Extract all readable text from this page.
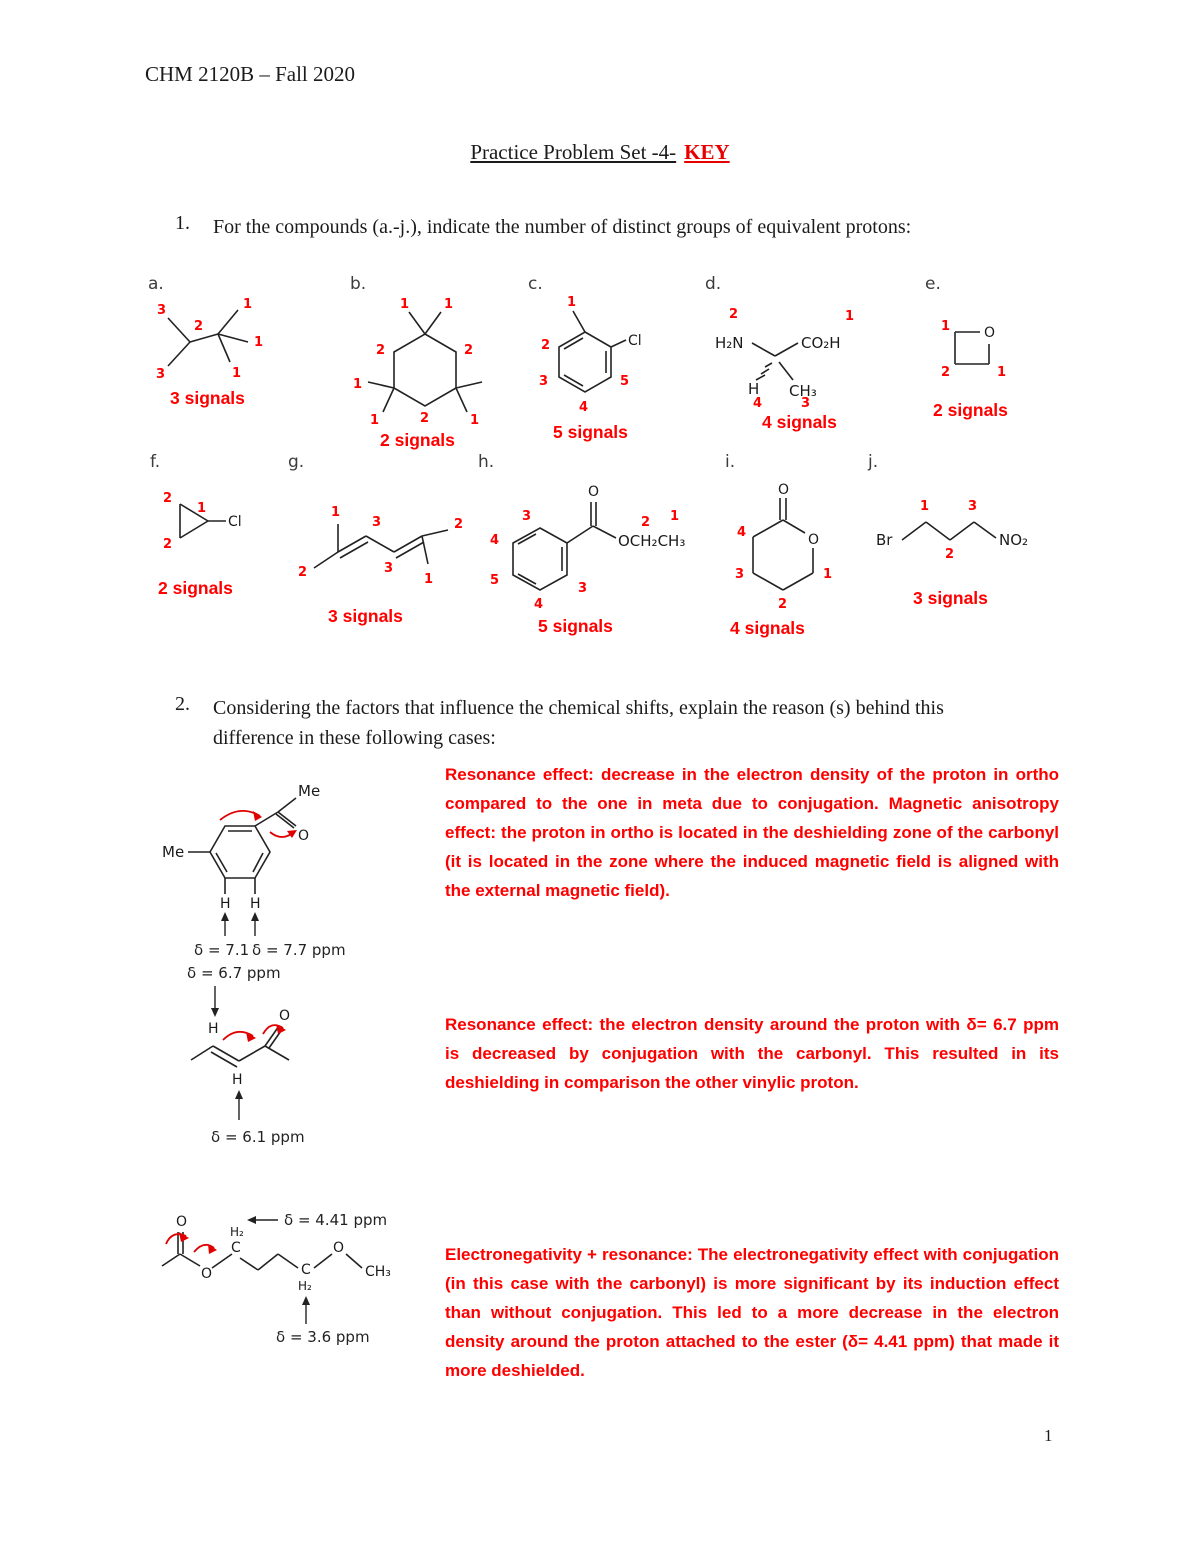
CHM 2120B – Fall 2020
Practice Problem Set -4- KEY
1. For the compounds (a.-j.), indicate the number of distinct groups of equivalent protons:
a.
3
2
1
3
1
1
3 signals
b.
1	1
2	2
1
1	2	1
2 signals
c.
Cl
1
2
3
4
5
5 signals
d.
H₂N	CO₂H
H CH₃
2	1
4	3
4 signals
e.
O
1
2	1
2 signals
f.
Cl
2
1
2
2 signals
g.
1
2
3
3
2
1
3 signals
h.
O
OCH₂CH₃
3
4
5
4
3
2 1
5 signals
i.
O
O
4
3
2
1
4 signals
j.
Br	NO₂
1
2
3
3 signals
2. Considering the factors that influence the chemical shifts, explain the reason (s) behind this difference in these following cases:
Me
Me
O
H H
δ = 7.1 δ = 7.7 ppm

Resonance effect: decrease in the electron density of the proton in ortho compared to the one in meta due to conjugation. Magnetic anisotropy effect: the proton in ortho is located in the deshielding zone of the carbonyl (it is located in the zone where the induced magnetic field is aligned with the external magnetic field).

δ = 6.7 ppm
H
O
H
δ = 6.1 ppm

Resonance effect: the electron density around the proton with δ= 6.7 ppm is decreased by conjugation with the carbonyl. This resulted in its deshielding in comparison the other vinylic proton.

O
O
H₂
C
δ = 4.41 ppm
C
H₂
O
CH₃
δ = 3.6 ppm

Electronegativity + resonance: The electronegativity effect with conjugation (in this case with the carbonyl) is more significant by its induction effect than without conjugation. This led to a more decrease in the electron density around the proton attached to the ester (δ= 4.41 ppm) that made it more deshielded.

1
